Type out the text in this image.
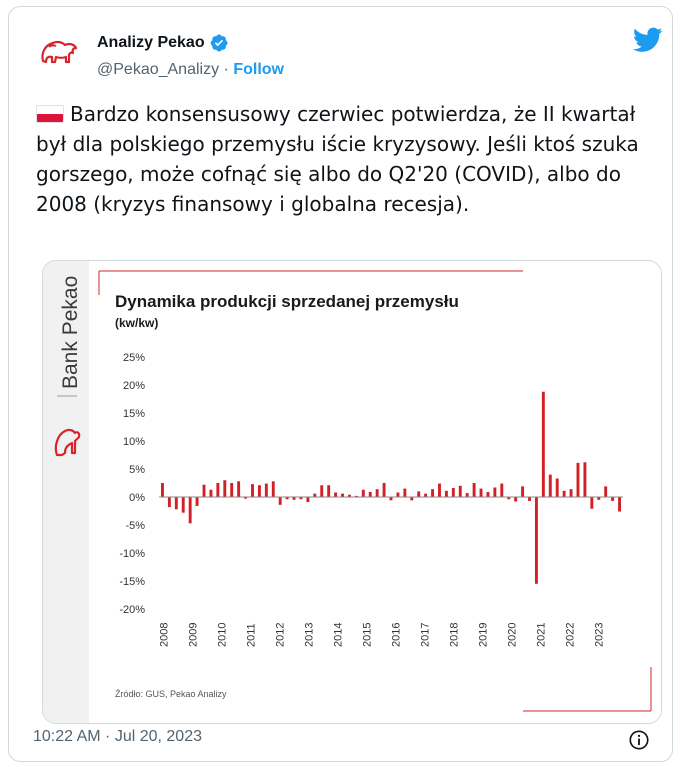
Analizy Pekao
@Pekao_Analizy · Follow
Bardzo konsensusowy czerwiec potwierdza, że II kwartał był dla polskiego przemysłu iście kryzysowy. Jeśli ktoś szuka gorszego, może cofnąć się albo do Q2'20 (COVID), albo do 2008 (kryzys finansowy i globalna recesja).
Bank Pekao Dynamika produkcji sprzedanej przemysłu
(kw/kw)
25%
20%
15%
10%
5%
0%
-5%
-10%
-15%
-20%
2008 2009 2010 2011 2012 2013 2014 2015 2016 2017 2018 2019 2020 2021 2022 2023
Źródło: GUS, Pekao Analizy
10:22 AM · Jul 20, 2023
